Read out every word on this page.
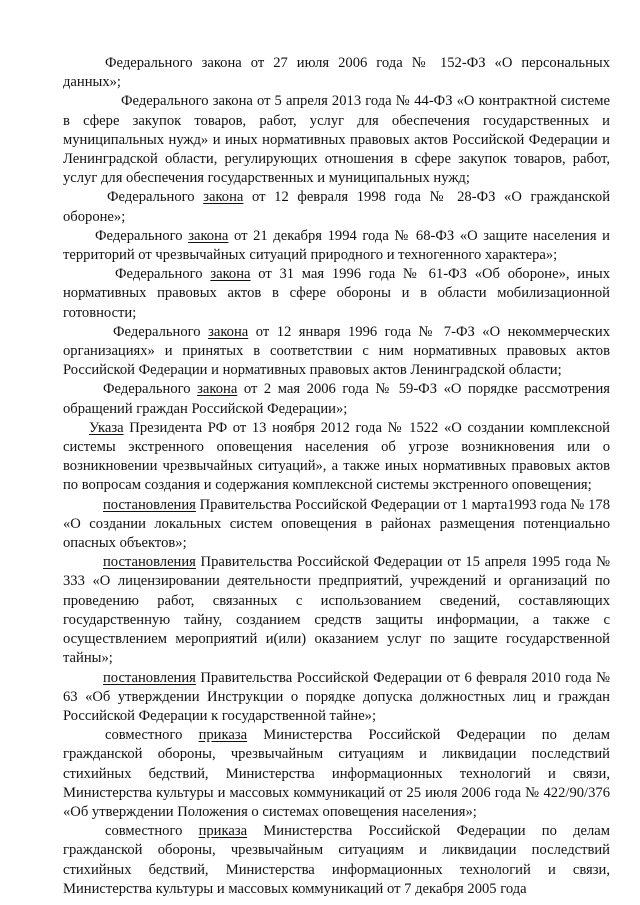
Федерального закона от 27 июля 2006 года № 152-ФЗ «О персональных данных»;

Федерального закона от 5 апреля 2013 года № 44-ФЗ «О контрактной системе в сфере закупок товаров, работ, услуг для обеспечения государственных и муниципальных нужд» и иных нормативных правовых актов Российской Федерации и Ленинградской области, регулирующих отношения в сфере закупок товаров, работ, услуг для обеспечения государственных и муниципальных нужд;

Федерального закона от 12 февраля 1998 года № 28-ФЗ «О гражданской обороне»;

Федерального закона от 21 декабря 1994 года № 68-ФЗ «О защите населения и территорий от чрезвычайных ситуаций природного и техногенного характера»;

Федерального закона от 31 мая 1996 года № 61-ФЗ «Об обороне», иных нормативных правовых актов в сфере обороны и в области мобилизационной готовности;

Федерального закона от 12 января 1996 года № 7-ФЗ «О некоммерческих организациях» и принятых в соответствии с ним нормативных правовых актов Российской Федерации и нормативных правовых актов Ленинградской области;

Федерального закона от 2 мая 2006 года № 59-ФЗ «О порядке рассмотрения обращений граждан Российской Федерации»;

Указа Президента РФ от 13 ноября 2012 года № 1522 «О создании комплексной системы экстренного оповещения населения об угрозе возникновения или о возникновении чрезвычайных ситуаций», а также иных нормативных правовых актов по вопросам создания и содержания комплексной системы экстренного оповещения;

постановления Правительства Российской Федерации от 1 марта1993 года № 178 «О создании локальных систем оповещения в районах размещения потенциально опасных объектов»;

постановления Правительства Российской Федерации от 15 апреля 1995 года № 333 «О лицензировании деятельности предприятий, учреждений и организаций по проведению работ, связанных с использованием сведений, составляющих государственную тайну, созданием средств защиты информации, а также с осуществлением мероприятий и(или) оказанием услуг по защите государственной тайны»;

постановления Правительства Российской Федерации от 6 февраля 2010 года № 63 «Об утверждении Инструкции о порядке допуска должностных лиц и граждан Российской Федерации к государственной тайне»;

совместного приказа Министерства Российской Федерации по делам гражданской обороны, чрезвычайным ситуациям и ликвидации последствий стихийных бедствий, Министерства информационных технологий и связи, Министерства культуры и массовых коммуникаций от 25 июля 2006 года № 422/90/376 «Об утверждении Положения о системах оповещения населения»;

совместного приказа Министерства Российской Федерации по делам гражданской обороны, чрезвычайным ситуациям и ликвидации последствий стихийных бедствий, Министерства информационных технологий и связи, Министерства культуры и массовых коммуникаций от 7 декабря 2005 года
